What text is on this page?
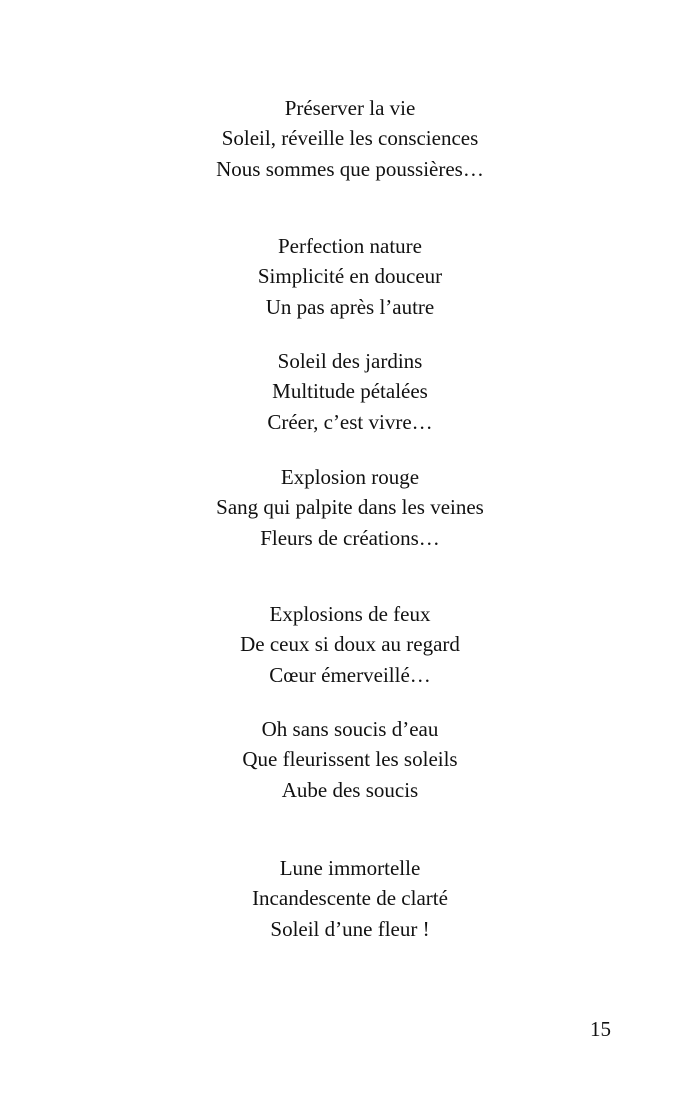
Préserver la vie
Soleil, réveille les consciences
Nous sommes que poussières…
Perfection nature
Simplicité en douceur
Un pas après l’autre
Soleil des jardins
Multitude pétalées
Créer, c’est vivre…
Explosion rouge
Sang qui palpite dans les veines
Fleurs de créations…
Explosions de feux
De ceux si doux au regard
Cœur émerveillé…
Oh sans soucis d’eau
Que fleurissent les soleils
Aube des soucis
Lune immortelle
Incandescente de clarté
Soleil d’une fleur !
15
